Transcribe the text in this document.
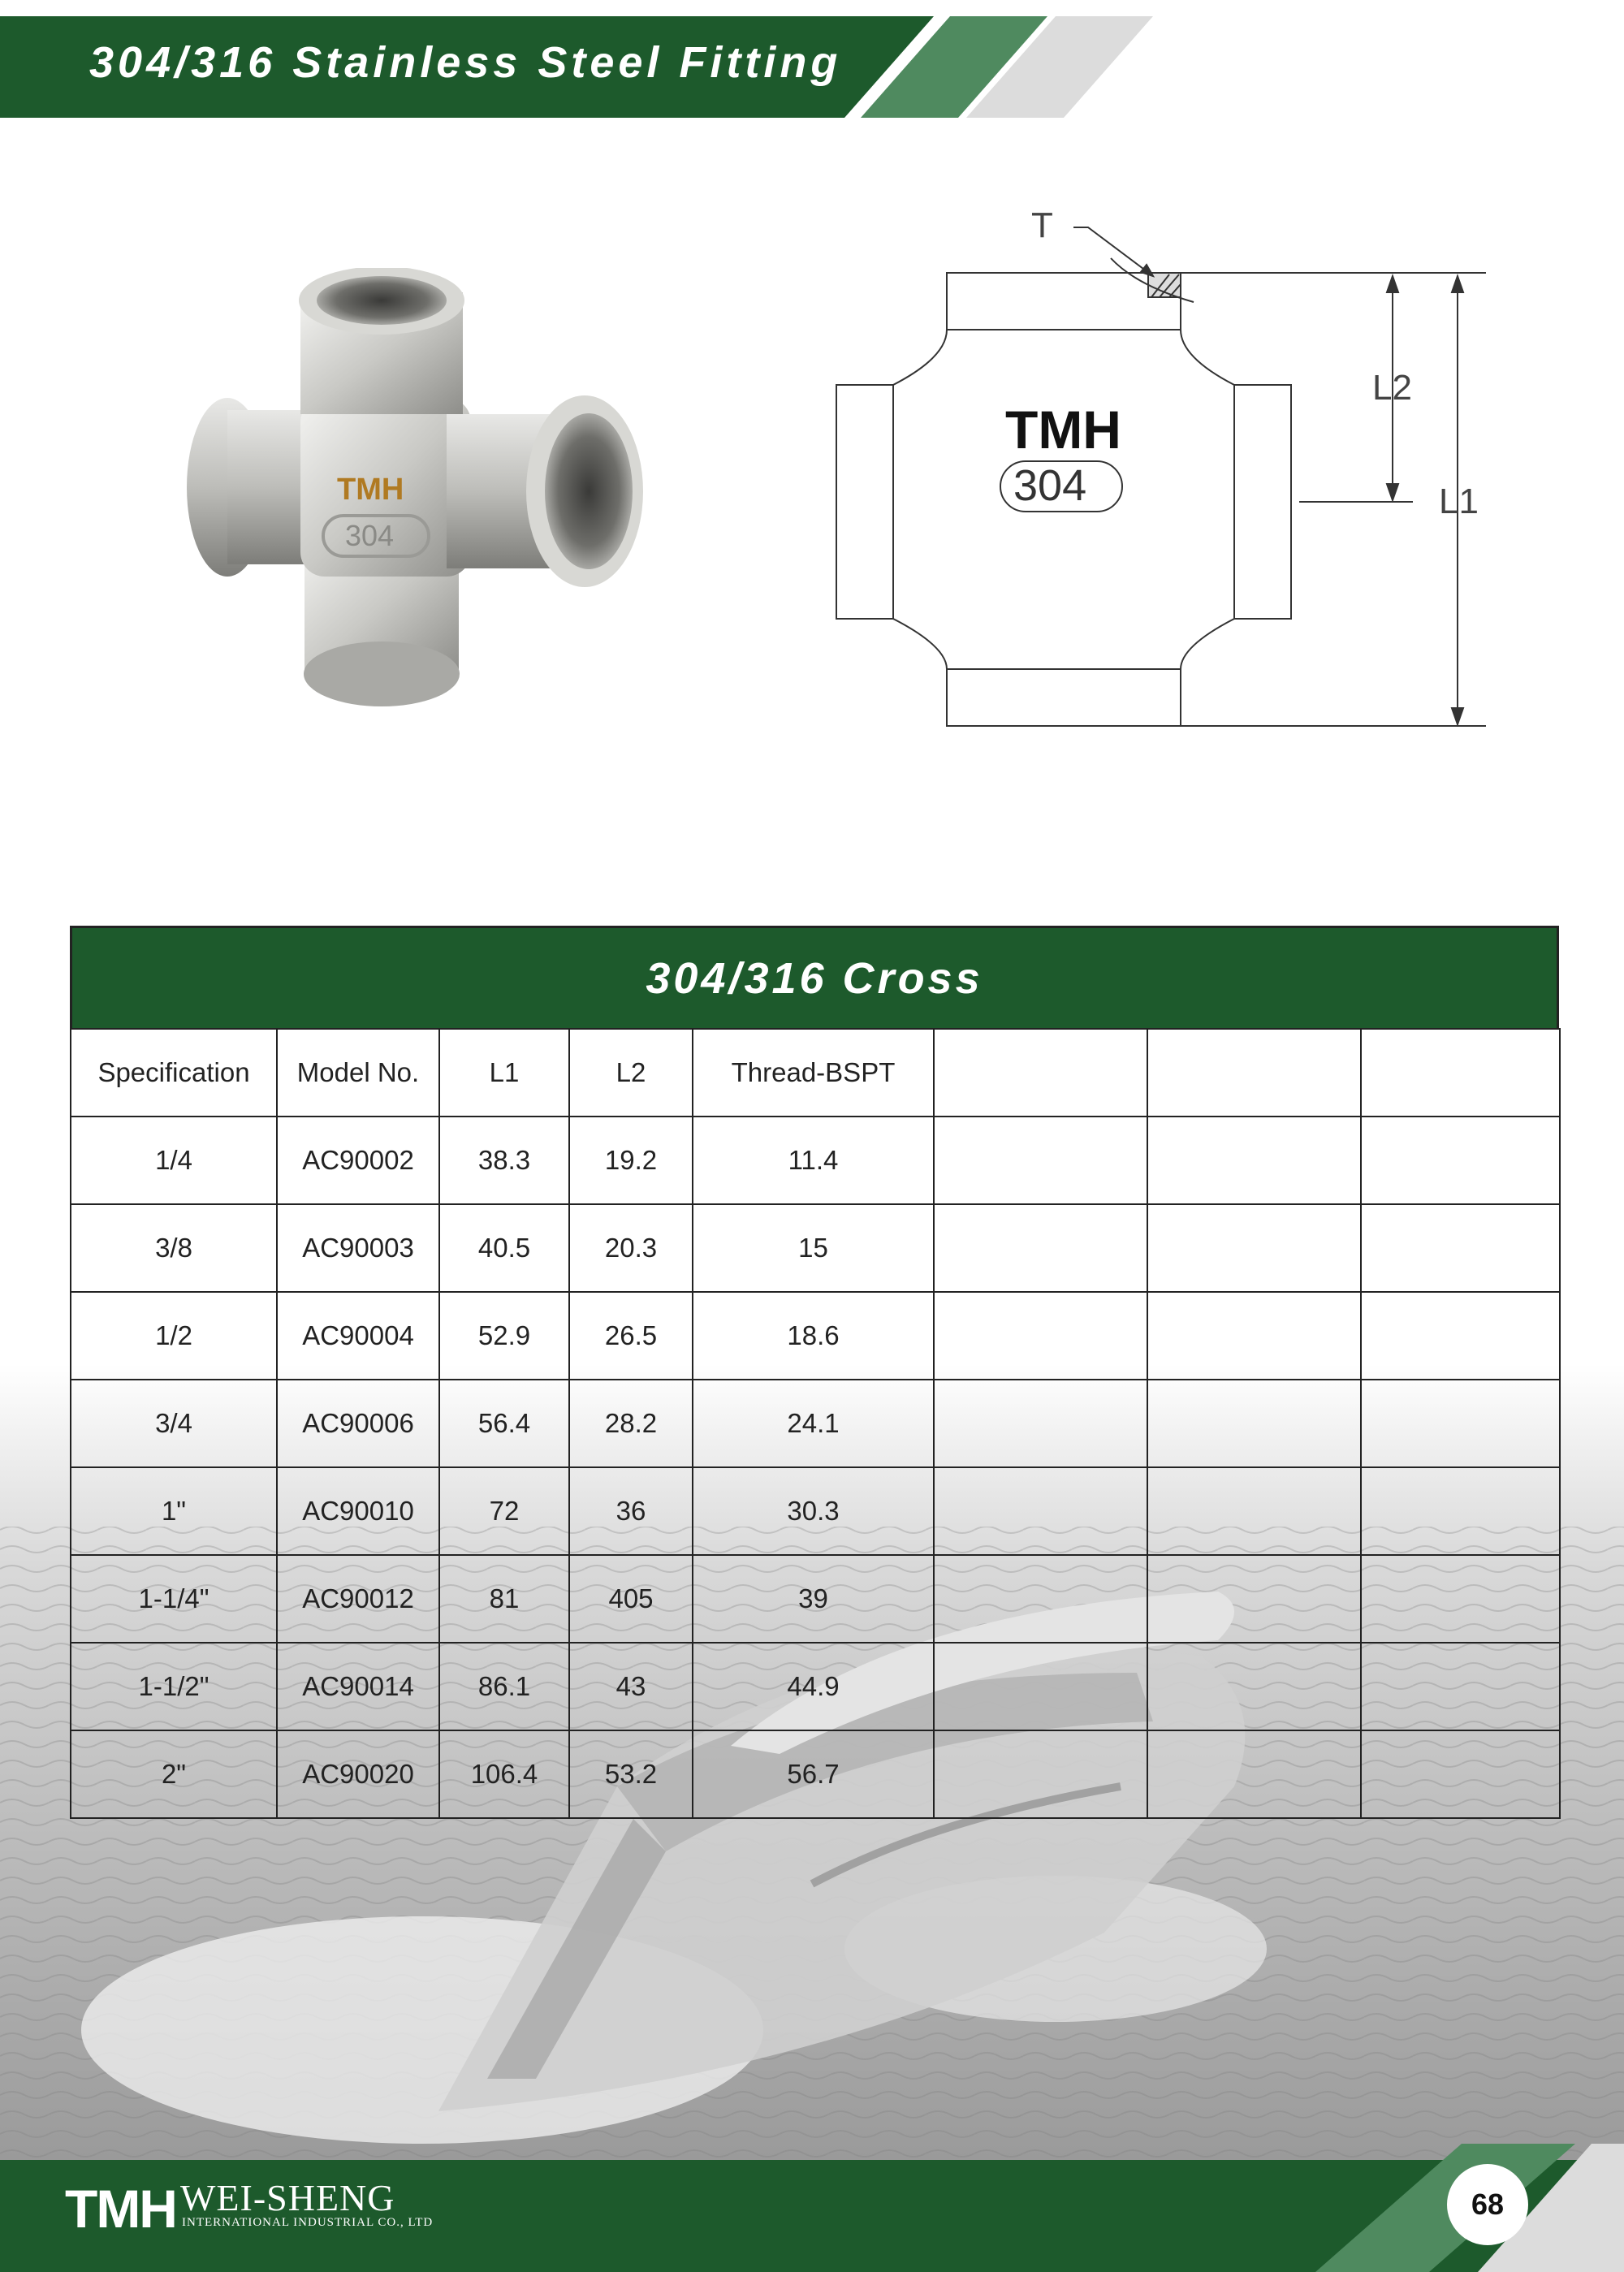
304/316 Stainless Steel Fitting
TMH
304
T
L2
L1
TMH
304
304/316 Cross
Specification	Model No.	L1	L2	Thread-BSPT			
1/4	AC90002	38.3	19.2	11.4			
3/8	AC90003	40.5	20.3	15			
1/2	AC90004	52.9	26.5	18.6			
3/4	AC90006	56.4	28.2	24.1			
1"	AC90010	72	36	30.3			
1-1/4"	AC90012	81	405	39			
1-1/2"	AC90014	86.1	43	44.9			
2"	AC90020	106.4	53.2	56.7			
TMH WEI-SHENG
INTERNATIONAL INDUSTRIAL CO., LTD
68
